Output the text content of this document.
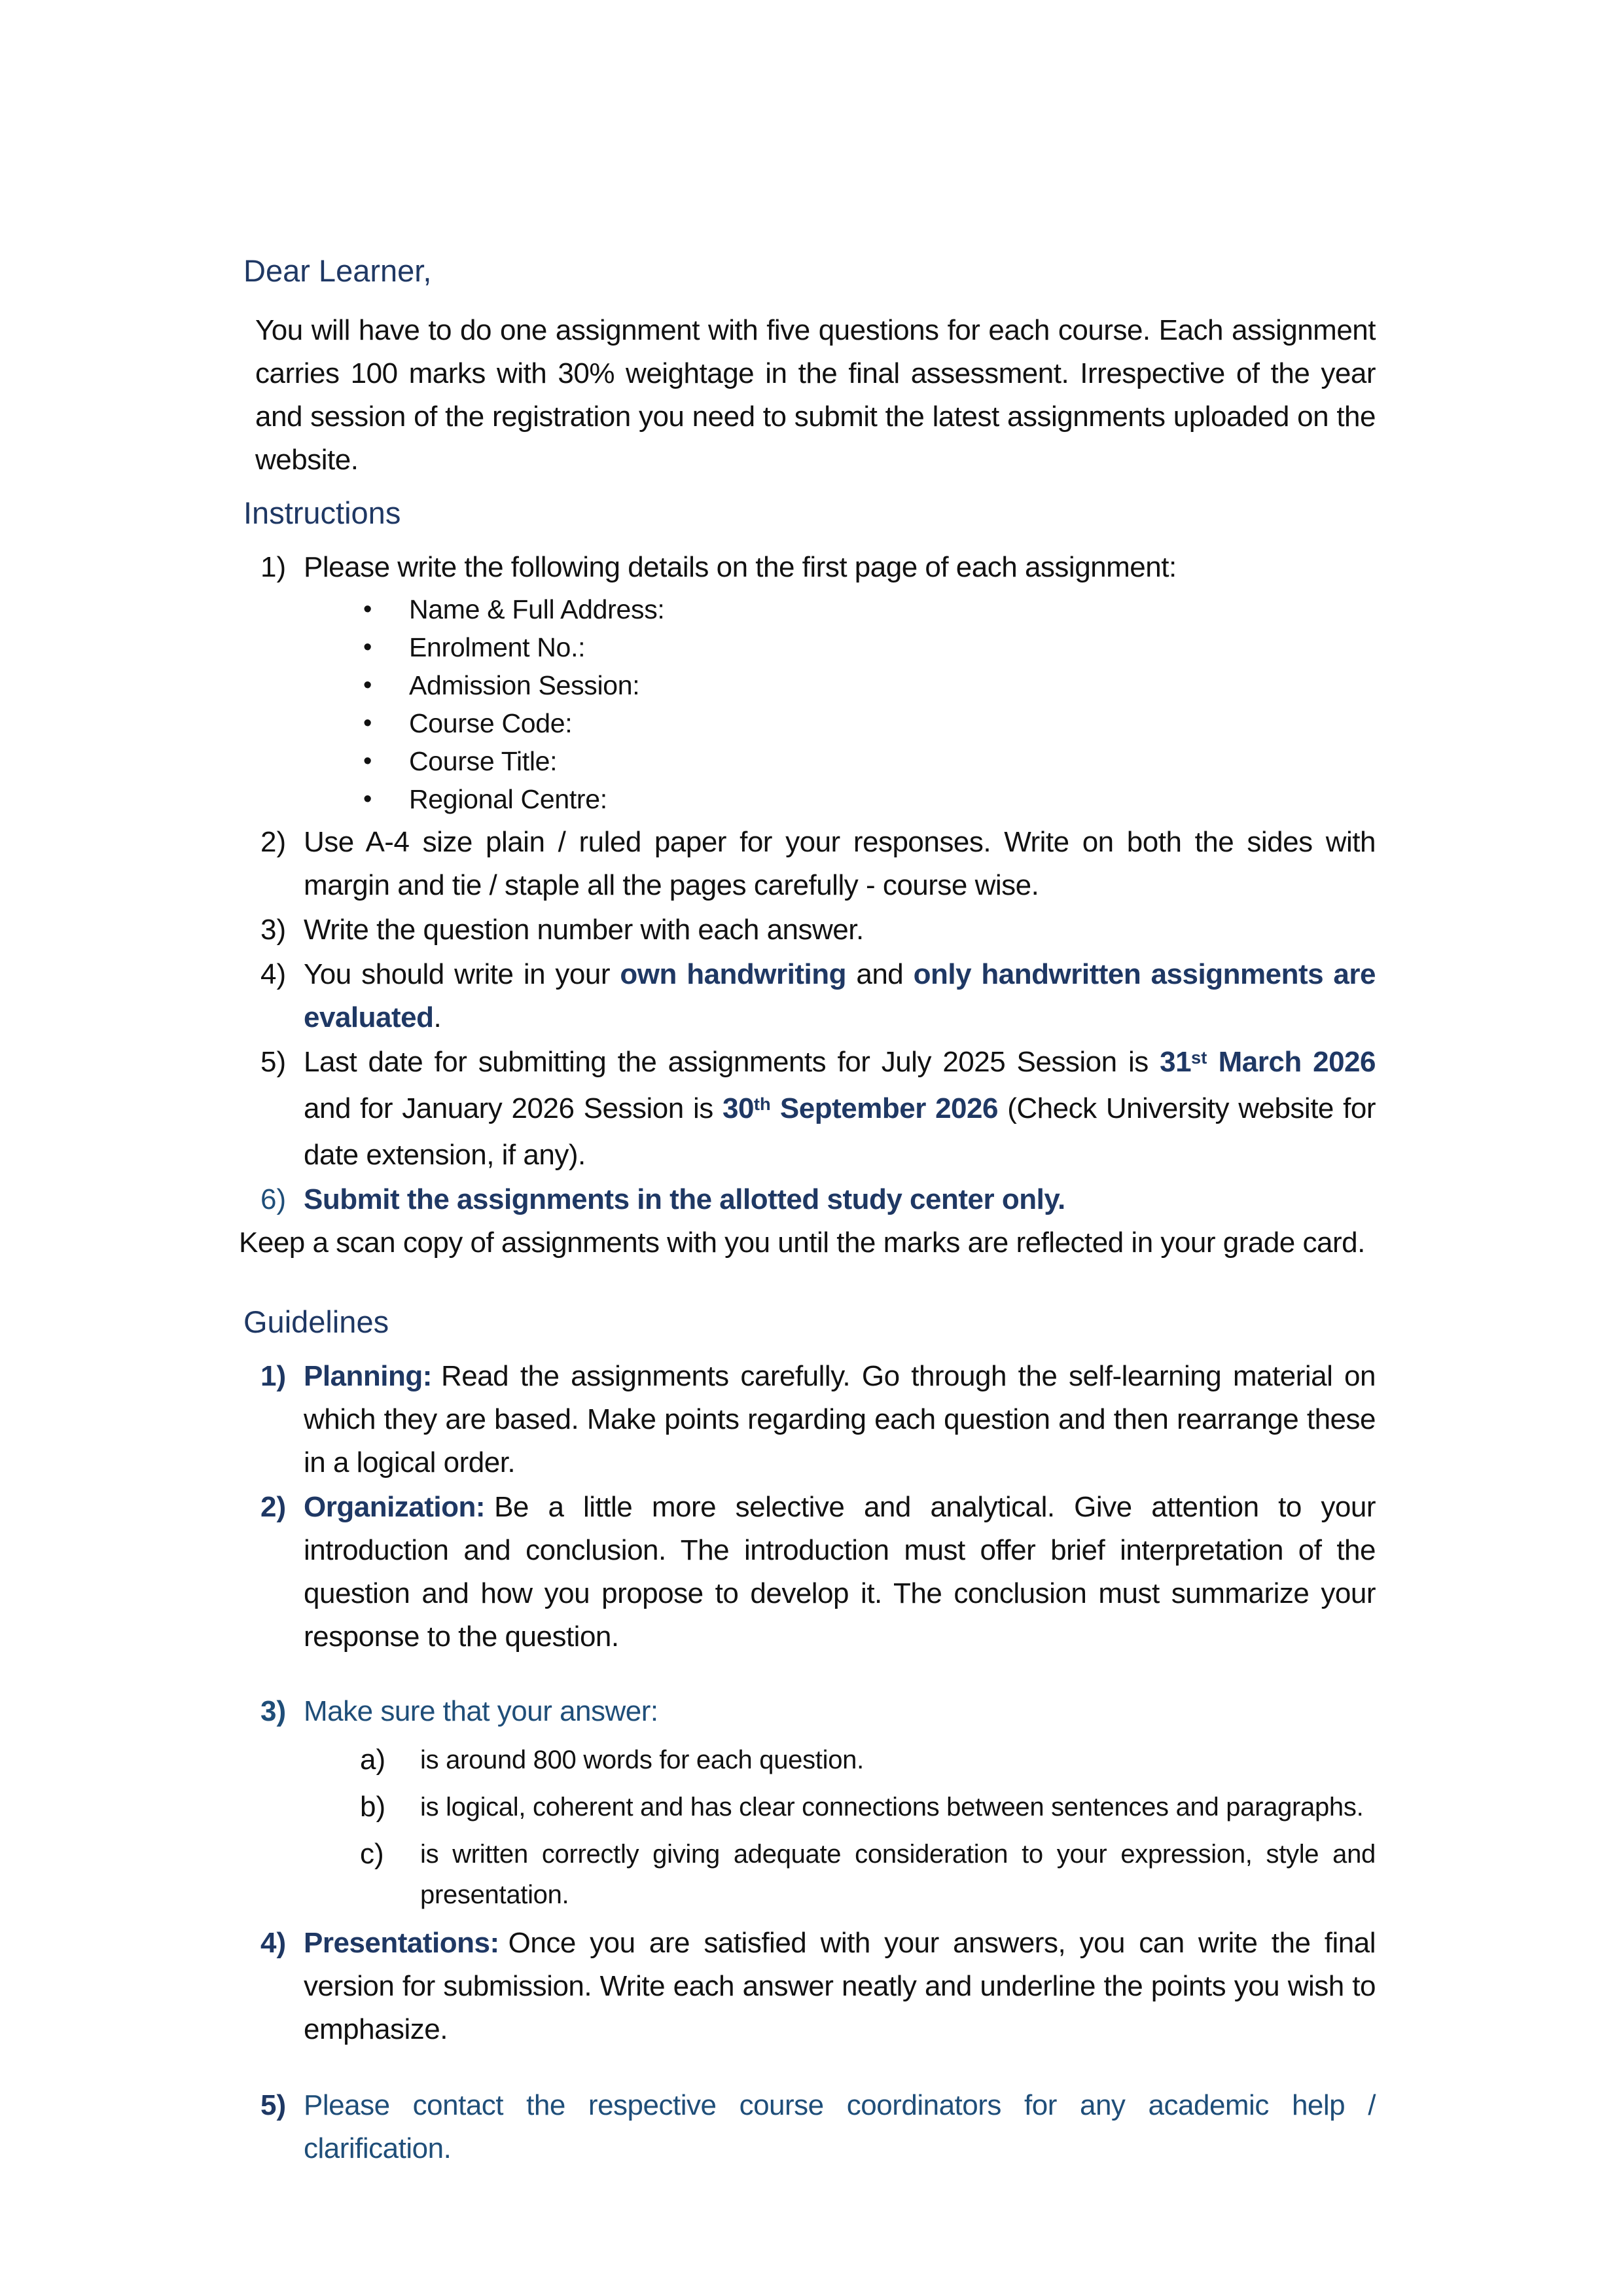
Dear Learner,

You will have to do one assignment with five questions for each course. Each assignment carries 100 marks with 30% weightage in the final assessment. Irrespective of the year and session of the registration you need to submit the latest assignments uploaded on the website.

Instructions
1) Please write the following details on the first page of each assignment:
•	Name & Full Address:
•	Enrolment No.:
•	Admission Session:
•	Course Code:
•	Course Title:
•	Regional Centre:
2) Use A-4 size plain / ruled paper for your responses. Write on both the sides with margin and tie / staple all the pages carefully - course wise.
3) Write the question number with each answer.
4) You should write in your own handwriting and only handwritten assignments are evaluated.
5) Last date for submitting the assignments for July 2025 Session is 31st March 2026 and for January 2026 Session is 30th September 2026 (Check University website for date extension, if any).
6) Submit the assignments in the allotted study center only.
Keep a scan copy of assignments with you until the marks are reflected in your grade card.
Guidelines
1) Planning: Read the assignments carefully. Go through the self-learning material on which they are based. Make points regarding each question and then rearrange these in a logical order.
2) Organization: Be a little more selective and analytical. Give attention to your introduction and conclusion. The introduction must offer brief interpretation of the question and how you propose to develop it. The conclusion must summarize your response to the question.
3) Make sure that your answer:
a)	is around 800 words for each question.
b)	is logical, coherent and has clear connections between sentences and paragraphs.
c)	is written correctly giving adequate consideration to your expression, style and presentation.
4) Presentations: Once you are satisfied with your answers, you can write the final version for submission. Write each answer neatly and underline the points you wish to emphasize.
5) Please contact the respective course coordinators for any academic help / clarification.
